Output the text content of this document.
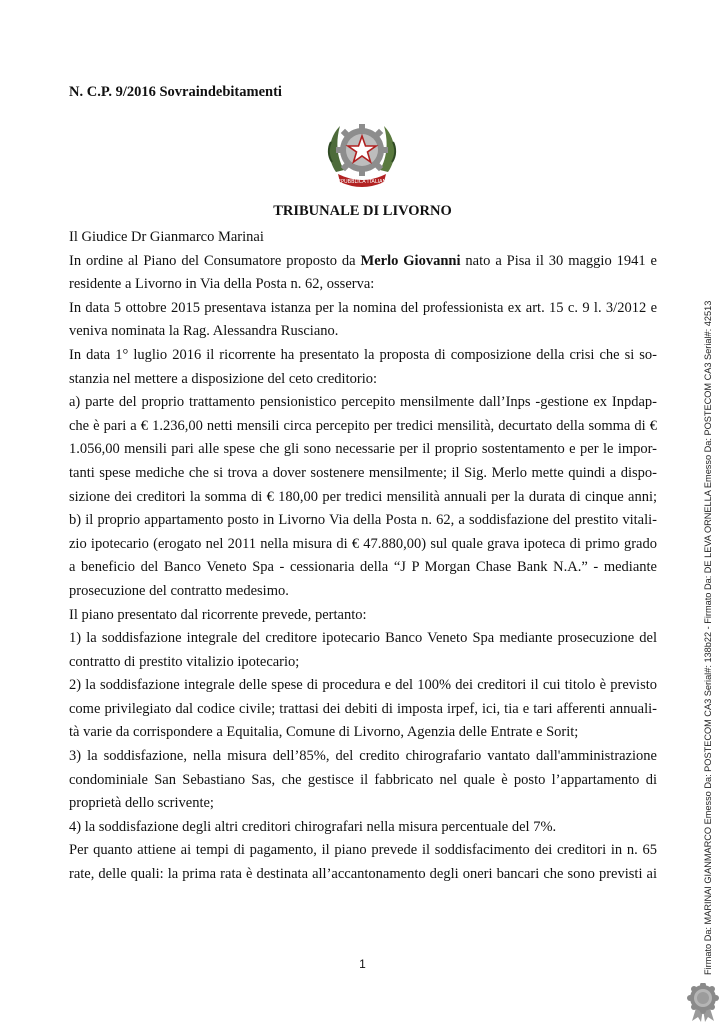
N. C.P. 9/2016 Sovraindebitamenti
REPUBBLICA ITALIANA
TRIBUNALE DI LIVORNO
Il Giudice Dr Gianmarco Marinai
In ordine al Piano del Consumatore proposto da Merlo Giovanni nato a Pisa il 30 maggio 1941 e
residente a Livorno in Via della Posta n. 62, osserva:
In data 5 ottobre 2015 presentava istanza per la nomina del professionista ex art. 15 c. 9 l. 3/2012 e
veniva nominata la Rag. Alessandra Rusciano.
In data 1° luglio 2016 il ricorrente ha presentato la proposta di composizione della crisi che si so-
stanzia nel mettere a disposizione del ceto creditorio:
a) parte del proprio trattamento pensionistico percepito mensilmente dall’Inps -gestione ex Inpdap-
che è pari a € 1.236,00 netti mensili circa percepito per tredici mensilità, decurtato della somma di €
1.056,00 mensili pari alle spese che gli sono necessarie per il proprio sostentamento e per le impor-
tanti spese mediche che si trova a dover sostenere mensilmente; il Sig. Merlo mette quindi a dispo-
sizione dei creditori la somma di € 180,00 per tredici mensilità annuali per la durata di cinque anni;
b) il proprio appartamento posto in Livorno Via della Posta n. 62, a soddisfazione del prestito vitali-
zio ipotecario (erogato nel 2011 nella misura di € 47.880,00) sul quale grava ipoteca di primo grado
a beneficio del Banco Veneto Spa - cessionaria della “J P Morgan Chase Bank N.A.” - mediante
prosecuzione del contratto medesimo.
Il piano presentato dal ricorrente prevede, pertanto:
1) la soddisfazione integrale del creditore ipotecario Banco Veneto Spa mediante prosecuzione del
contratto di prestito vitalizio ipotecario;
2) la soddisfazione integrale delle spese di procedura e del 100% dei creditori il cui titolo è previsto
come privilegiato dal codice civile; trattasi dei debiti di imposta irpef, ici, tia e tari afferenti annuali-
tà varie da corrispondere a Equitalia, Comune di Livorno, Agenzia delle Entrate e Sorit;
3) la soddisfazione, nella misura dell’85%, del credito chirografario vantato dall'amministrazione
condominiale San Sebastiano Sas, che gestisce il fabbricato nel quale è posto l’appartamento di
proprietà dello scrivente;
4) la soddisfazione degli altri creditori chirografari nella misura percentuale del 7%.
Per quanto attiene ai tempi di pagamento, il piano prevede il soddisfacimento dei creditori in n. 65
rate, delle quali: la prima rata è destinata all’accantonamento degli oneri bancari che sono previsti ai
1	Firmato Da: MARINAI GIANMARCO Emesso Da: POSTECOM CA3 Serial#: 138b22 - Firmato Da: DE LEVA ORNELLA Emesso Da: POSTECOM CA3 Serial#: 42513
